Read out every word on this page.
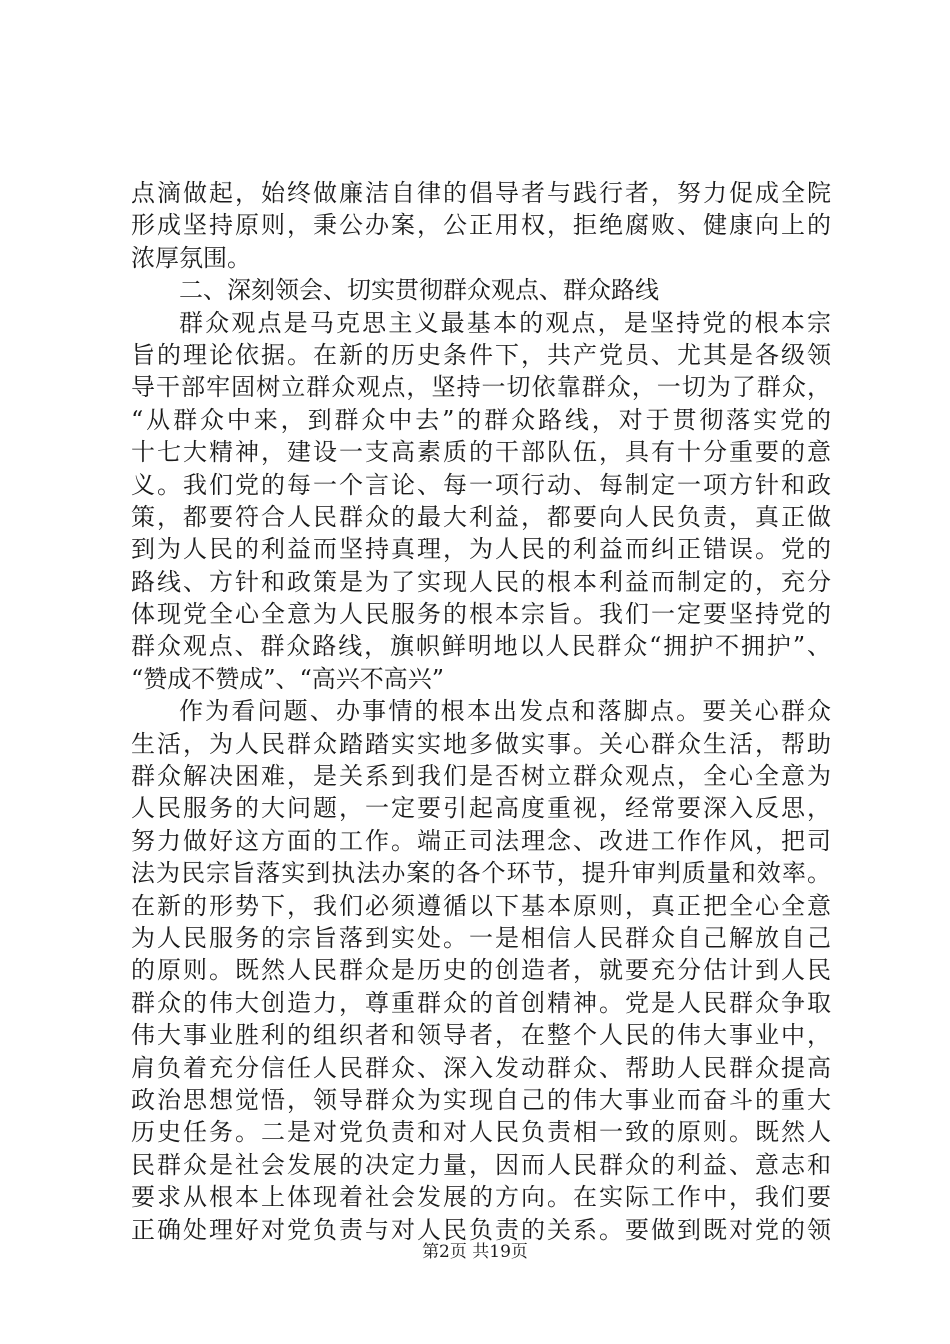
点滴做起，始终做廉洁自律的倡导者与践行者，努力促成全院
形成坚持原则，秉公办案，公正用权，拒绝腐败、健康向上的
浓厚氛围。
二、深刻领会、切实贯彻群众观点、群众路线
群众观点是马克思主义最基本的观点，是坚持党的根本宗
旨的理论依据。在新的历史条件下，共产党员、尤其是各级领
导干部牢固树立群众观点，坚持一切依靠群众，一切为了群众，
“从群众中来，到群众中去”的群众路线，对于贯彻落实党的
十七大精神，建设一支高素质的干部队伍，具有十分重要的意
义。我们党的每一个言论、每一项行动、每制定一项方针和政
策，都要符合人民群众的最大利益，都要向人民负责，真正做
到为人民的利益而坚持真理，为人民的利益而纠正错误。党的
路线、方针和政策是为了实现人民的根本利益而制定的，充分
体现党全心全意为人民服务的根本宗旨。我们一定要坚持党的
群众观点、群众路线，旗帜鲜明地以人民群众“拥护不拥护”、
“赞成不赞成”、“高兴不高兴”
作为看问题、办事情的根本出发点和落脚点。要关心群众
生活，为人民群众踏踏实实地多做实事。关心群众生活，帮助
群众解决困难，是关系到我们是否树立群众观点，全心全意为
人民服务的大问题，一定要引起高度重视，经常要深入反思，
努力做好这方面的工作。端正司法理念、改进工作作风，把司
法为民宗旨落实到执法办案的各个环节，提升审判质量和效率。
在新的形势下，我们必须遵循以下基本原则，真正把全心全意
为人民服务的宗旨落到实处。一是相信人民群众自己解放自己
的原则。既然人民群众是历史的创造者，就要充分估计到人民
群众的伟大创造力，尊重群众的首创精神。党是人民群众争取
伟大事业胜利的组织者和领导者，在整个人民的伟大事业中，
肩负着充分信任人民群众、深入发动群众、帮助人民群众提高
政治思想觉悟，领导群众为实现自己的伟大事业而奋斗的重大
历史任务。二是对党负责和对人民负责相一致的原则。既然人
民群众是社会发展的决定力量，因而人民群众的利益、意志和
要求从根本上体现着社会发展的方向。在实际工作中，我们要
正确处理好对党负责与对人民负责的关系。要做到既对党的领
第2页 共19页
